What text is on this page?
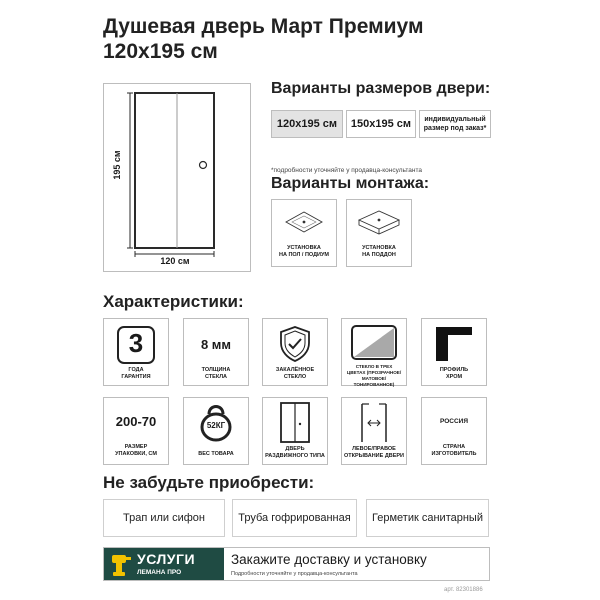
Душевая дверь Март Премиум
120x195 см
195 см
120 см
Варианты размеров двери:
120x195 см 150x195 см индивидуальный размер под заказ*
*подробности уточняйте у продавца-консультанта
Варианты монтажа:
УСТАНОВКА
НА ПОЛ / ПОДИУМ
УСТАНОВКА
НА ПОДДОН
Характеристики:
3
ГОДА
ГАРАНТИЯ
8 мм
ТОЛЩИНА
СТЕКЛА
ЗАКАЛЁННОЕ
СТЕКЛО
СТЕКЛО В ТРЕХ
ЦВЕТАХ (ПРОЗРАЧНОЕ/
МАТОВОЕ/ТОНИРОВАННОЕ)
ПРОФИЛЬ
ХРОМ
200-70
РАЗМЕР
УПАКОВКИ, СМ
52КГ
ВЕС ТОВАРА
ДВЕРЬ
РАЗДВИЖНОГО ТИПА
ЛЕВОЕ/ПРАВОЕ
ОТКРЫВАНИЕ ДВЕРИ
РОССИЯ
СТРАНА
ИЗГОТОВИТЕЛЬ
Не забудьте приобрести:
Трап или сифон	Труба гофрированная Герметик санитарный
УСЛУГИ
ЛЕМАНА ПРО
Закажите доставку и установку
Подробности уточняйте у продавца-консультанта
арт. 82301886
